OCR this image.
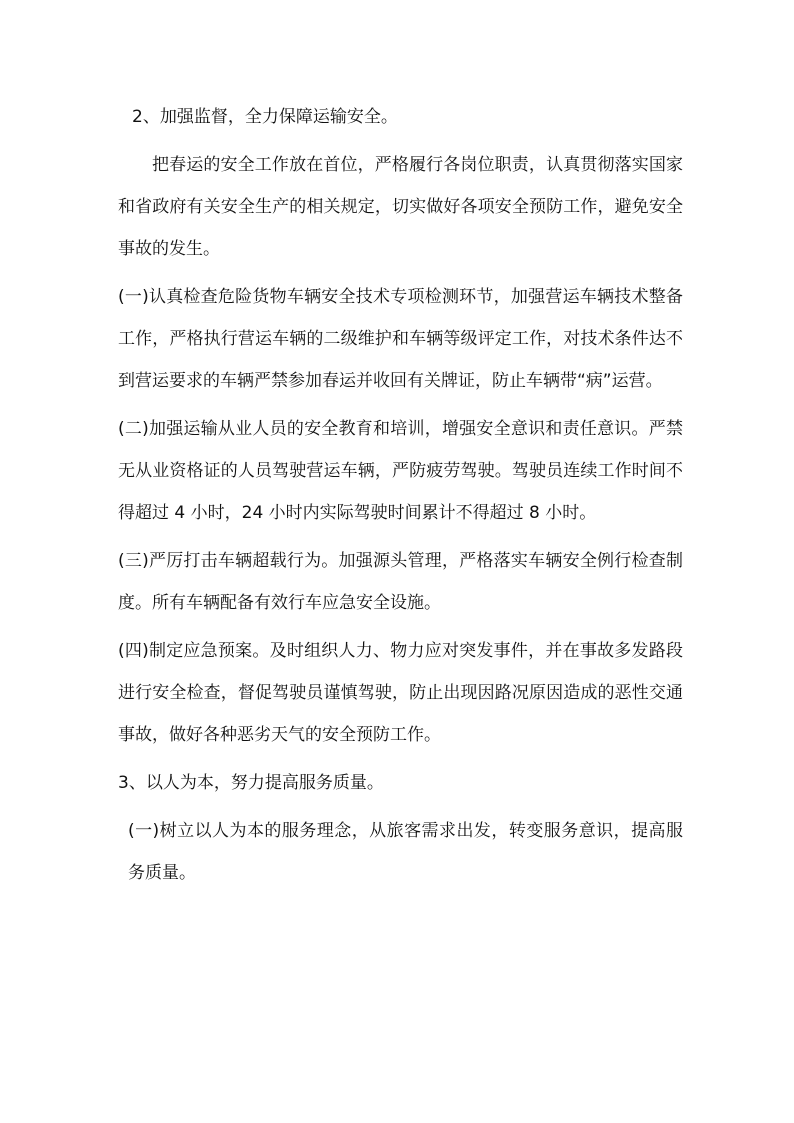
2、加强监督，全力保障运输安全。

把春运的安全工作放在首位，严格履行各岗位职责，认真贯彻落实国家和省政府有关安全生产的相关规定，切实做好各项安全预防工作，避免安全事故的发生。

(一)认真检查危险货物车辆安全技术专项检测环节，加强营运车辆技术整备工作，严格执行营运车辆的二级维护和车辆等级评定工作，对技术条件达不到营运要求的车辆严禁参加春运并收回有关牌证，防止车辆带“病”运营。

(二)加强运输从业人员的安全教育和培训，增强安全意识和责任意识。严禁无从业资格证的人员驾驶营运车辆，严防疲劳驾驶。驾驶员连续工作时间不得超过 4 小时，24 小时内实际驾驶时间累计不得超过 8 小时。

(三)严厉打击车辆超载行为。加强源头管理，严格落实车辆安全例行检查制度。所有车辆配备有效行车应急安全设施。

(四)制定应急预案。及时组织人力、物力应对突发事件，并在事故多发路段进行安全检查，督促驾驶员谨慎驾驶，防止出现因路况原因造成的恶性交通事故，做好各种恶劣天气的安全预防工作。

3、以人为本，努力提高服务质量。

(一)树立以人为本的服务理念，从旅客需求出发，转变服务意识，提高服务质量。
